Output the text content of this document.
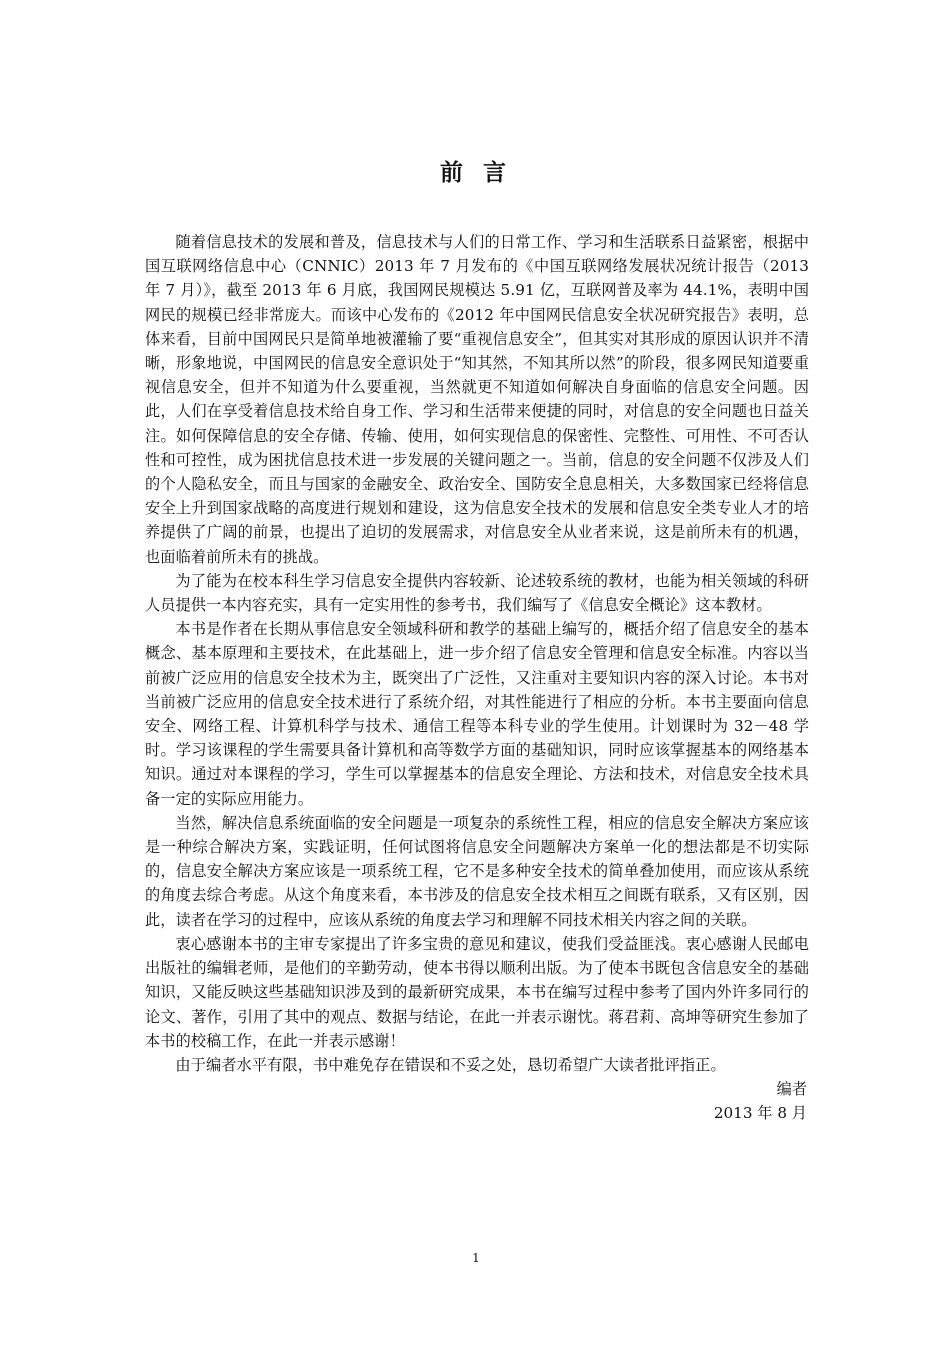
前 言

随着信息技术的发展和普及，信息技术与人们的日常工作、学习和生活联系日益紧密，根据中国互联网络信息中心（CNNIC）2013 年 7 月发布的《中国互联网络发展状况统计报告（2013 年 7 月）》，截至 2013 年 6 月底，我国网民规模达 5.91 亿，互联网普及率为 44.1%，表明中国网民的规模已经非常庞大。而该中心发布的《2012 年中国网民信息安全状况研究报告》表明，总体来看，目前中国网民只是简单地被灌输了要“重视信息安全”，但其实对其形成的原因认识并不清晰，形象地说，中国网民的信息安全意识处于“知其然，不知其所以然”的阶段，很多网民知道要重视信息安全，但并不知道为什么要重视，当然就更不知道如何解决自身面临的信息安全问题。因此，人们在享受着信息技术给自身工作、学习和生活带来便捷的同时，对信息的安全问题也日益关注。如何保障信息的安全存储、传输、使用，如何实现信息的保密性、完整性、可用性、不可否认性和可控性，成为困扰信息技术进一步发展的关键问题之一。当前，信息的安全问题不仅涉及人们的个人隐私安全，而且与国家的金融安全、政治安全、国防安全息息相关，大多数国家已经将信息安全上升到国家战略的高度进行规划和建设，这为信息安全技术的发展和信息安全类专业人才的培养提供了广阔的前景，也提出了迫切的发展需求，对信息安全从业者来说，这是前所未有的机遇，也面临着前所未有的挑战。

为了能为在校本科生学习信息安全提供内容较新、论述较系统的教材，也能为相关领域的科研人员提供一本内容充实，具有一定实用性的参考书，我们编写了《信息安全概论》这本教材。

本书是作者在长期从事信息安全领域科研和教学的基础上编写的，概括介绍了信息安全的基本概念、基本原理和主要技术，在此基础上，进一步介绍了信息安全管理和信息安全标准。内容以当前被广泛应用的信息安全技术为主，既突出了广泛性，又注重对主要知识内容的深入讨论。本书对当前被广泛应用的信息安全技术进行了系统介绍，对其性能进行了相应的分析。本书主要面向信息安全、网络工程、计算机科学与技术、通信工程等本科专业的学生使用。计划课时为 32－48 学时。学习该课程的学生需要具备计算机和高等数学方面的基础知识，同时应该掌握基本的网络基本知识。通过对本课程的学习，学生可以掌握基本的信息安全理论、方法和技术，对信息安全技术具备一定的实际应用能力。

当然，解决信息系统面临的安全问题是一项复杂的系统性工程，相应的信息安全解决方案应该是一种综合解决方案，实践证明，任何试图将信息安全问题解决方案单一化的想法都是不切实际的，信息安全解决方案应该是一项系统工程，它不是多种安全技术的简单叠加使用，而应该从系统的角度去综合考虑。从这个角度来看，本书涉及的信息安全技术相互之间既有联系，又有区别，因此，读者在学习的过程中，应该从系统的角度去学习和理解不同技术相关内容之间的关联。

衷心感谢本书的主审专家提出了许多宝贵的意见和建议，使我们受益匪浅。衷心感谢人民邮电出版社的编辑老师，是他们的辛勤劳动，使本书得以顺利出版。为了使本书既包含信息安全的基础知识，又能反映这些基础知识涉及到的最新研究成果，本书在编写过程中参考了国内外许多同行的论文、著作，引用了其中的观点、数据与结论，在此一并表示谢忱。蒋君莉、高坤等研究生参加了本书的校稿工作，在此一并表示感谢！

由于编者水平有限，书中难免存在错误和不妥之处，恳切希望广大读者批评指正。

编者

2013 年 8 月

1
